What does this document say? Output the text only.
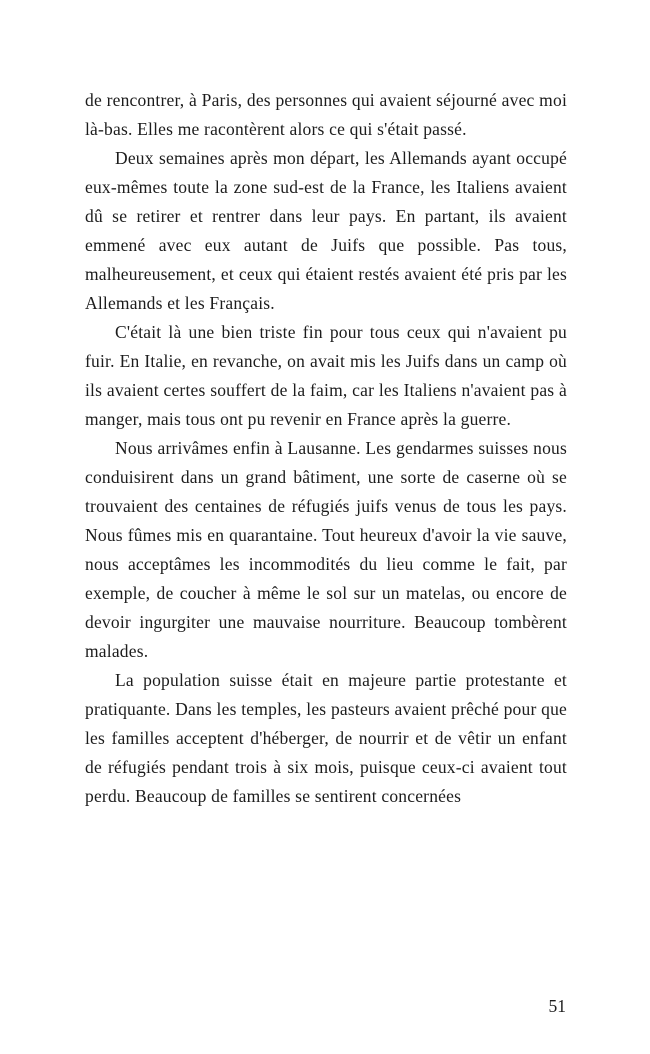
de rencontrer, à Paris, des personnes qui avaient séjourné avec moi là-bas. Elles me racontèrent alors ce qui s'était passé.

Deux semaines après mon départ, les Allemands ayant occupé eux-mêmes toute la zone sud-est de la France, les Italiens avaient dû se retirer et rentrer dans leur pays. En partant, ils avaient emmené avec eux autant de Juifs que possible. Pas tous, malheureusement, et ceux qui étaient restés avaient été pris par les Allemands et les Français.

C'était là une bien triste fin pour tous ceux qui n'avaient pu fuir. En Italie, en revanche, on avait mis les Juifs dans un camp où ils avaient certes souffert de la faim, car les Italiens n'avaient pas à manger, mais tous ont pu revenir en France après la guerre.

Nous arrivâmes enfin à Lausanne. Les gendarmes suisses nous conduisirent dans un grand bâtiment, une sorte de caserne où se trouvaient des centaines de réfugiés juifs venus de tous les pays. Nous fûmes mis en quarantaine. Tout heureux d'avoir la vie sauve, nous acceptâmes les incommodités du lieu comme le fait, par exemple, de coucher à même le sol sur un matelas, ou encore de devoir ingurgiter une mauvaise nourriture. Beaucoup tombèrent malades.

La population suisse était en majeure partie protestante et pratiquante. Dans les temples, les pasteurs avaient prêché pour que les familles acceptent d'héberger, de nourrir et de vêtir un enfant de réfugiés pendant trois à six mois, puisque ceux-ci avaient tout perdu. Beaucoup de familles se sentirent concernées

51
